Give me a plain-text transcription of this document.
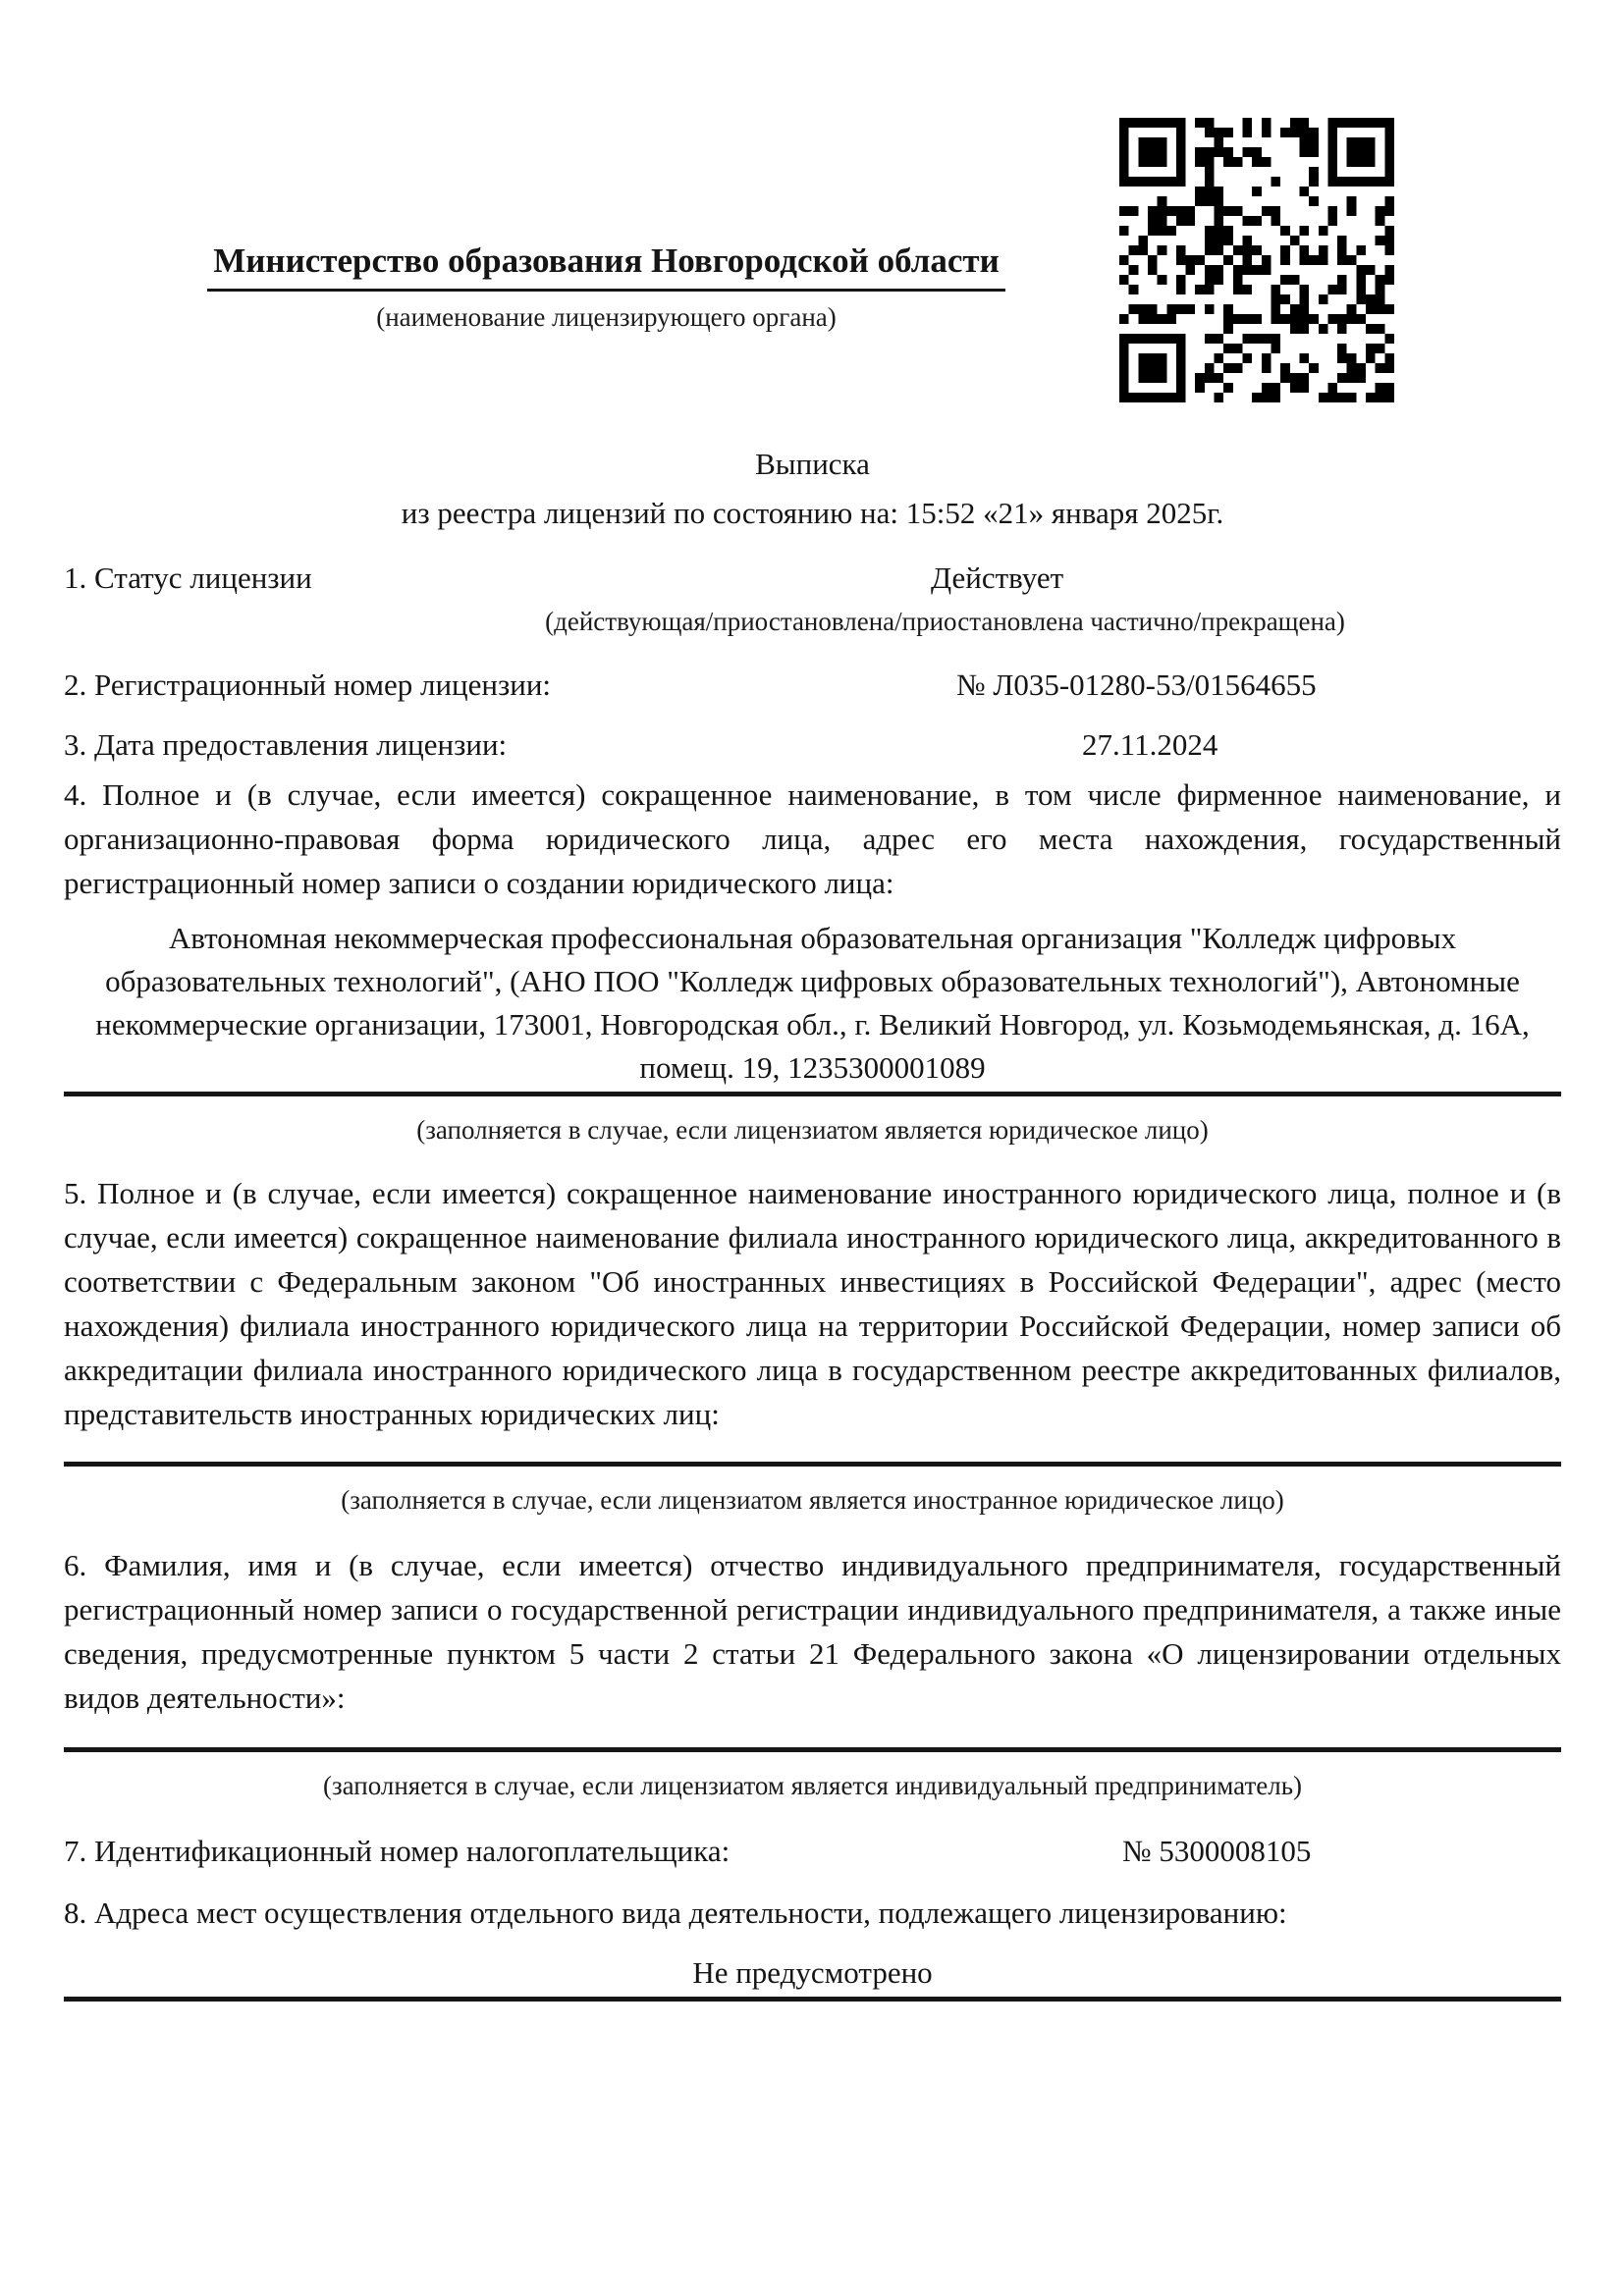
Министерство образования Новгородской области
(наименование лицензирующего органа)
Выписка
из реестра лицензий по состоянию на: 15:52 «21» января 2025г.
1. Статус лицензии	Действует
(действующая/приостановлена/приостановлена частично/прекращена)
2. Регистрационный номер лицензии:	№ Л035-01280-53/01564655
3. Дата предоставления лицензии:	27.11.2024

4. Полное и (в случае, если имеется) сокращенное наименование, в том числе фирменное наименование, и организационно-правовая форма юридического лица, адрес его места нахождения, государственный регистрационный номер записи о создании юридического лица:

Автономная некоммерческая профессиональная образовательная организация "Колледж цифровых образовательных технологий", (АНО ПОО "Колледж цифровых образовательных технологий"), Автономные некоммерческие организации, 173001, Новгородская обл., г. Великий Новгород, ул. Козьмодемьянская, д. 16А, помещ. 19, 1235300001089
(заполняется в случае, если лицензиатом является юридическое лицо)

5. Полное и (в случае, если имеется) сокращенное наименование иностранного юридического лица, полное и (в случае, если имеется) сокращенное наименование филиала иностранного юридического лица, аккредитованного в соответствии с Федеральным законом "Об иностранных инвестициях в Российской Федерации", адрес (место нахождения) филиала иностранного юридического лица на территории Российской Федерации, номер записи об аккредитации филиала иностранного юридического лица в государственном реестре аккредитованных филиалов, представительств иностранных юридических лиц:

(заполняется в случае, если лицензиатом является иностранное юридическое лицо)

6. Фамилия, имя и (в случае, если имеется) отчество индивидуального предпринимателя, государственный регистрационный номер записи о государственной регистрации индивидуального предпринимателя, а также иные сведения, предусмотренные пунктом 5 части 2 статьи 21 Федерального закона «О лицензировании отдельных видов деятельности»:

(заполняется в случае, если лицензиатом является индивидуальный предприниматель)
7. Идентификационный номер налогоплательщика:	№ 5300008105
8. Адреса мест осуществления отдельного вида деятельности, подлежащего лицензированию:
Не предусмотрено
